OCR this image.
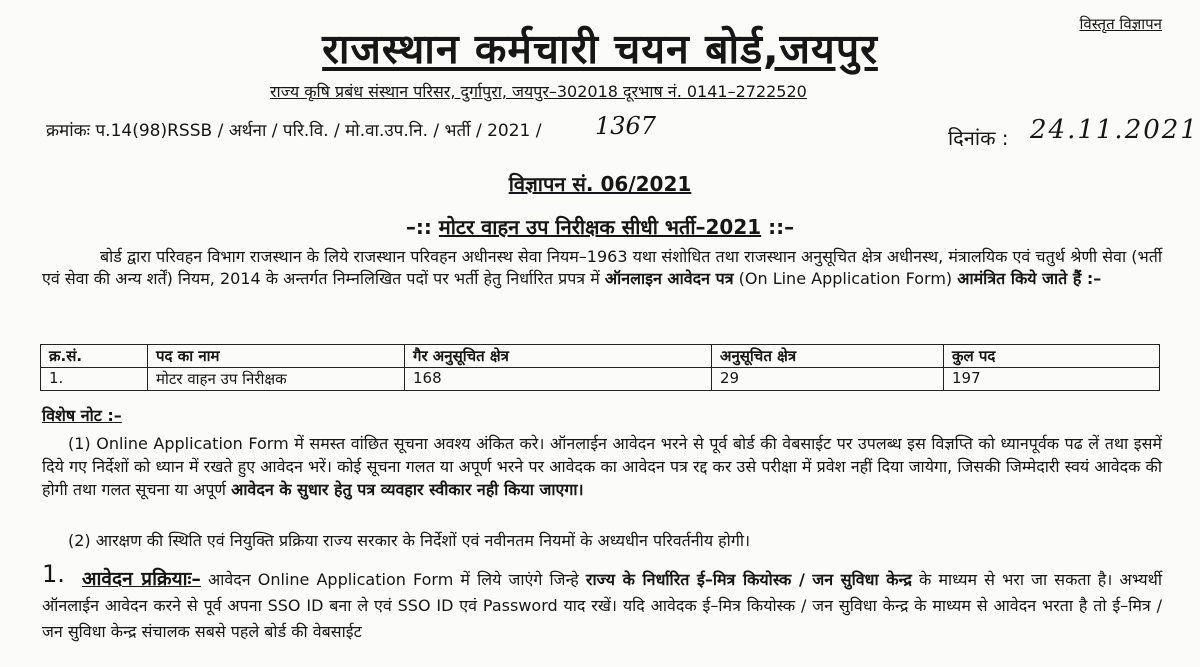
विस्तृत विज्ञापन
राजस्थान कर्मचारी चयन बोर्ड,जयपुर
राज्य कृषि प्रबंध संस्थान परिसर, दुर्गापुरा, जयपुर–302018 दूरभाष नं. 0141–2722520
क्रमांकः प.14(98)RSSB / अर्थना / परि.वि. / मो.वा.उप.नि. / भर्ती / 2021 / 1367	दिनांक : 24.11.2021
विज्ञापन सं. 06/2021
–:: मोटर वाहन उप निरीक्षक सीधी भर्ती–2021 ::–
बोर्ड द्वारा परिवहन विभाग राजस्थान के लिये राजस्थान परिवहन अधीनस्थ सेवा नियम–1963 यथा संशोधित तथा राजस्थान अनुसूचित क्षेत्र अधीनस्थ, मंत्रालयिक एवं चतुर्थ श्रेणी सेवा (भर्ती एवं सेवा की अन्य शर्तें) नियम, 2014 के अन्तर्गत निम्नलिखित पदों पर भर्ती हेतु निर्धारित प्रपत्र में ऑनलाइन आवेदन पत्र (On Line Application Form) आमंत्रित किये जाते हैं :–
क्र.सं.	पद का नाम	गैर अनुसूचित क्षेत्र	अनुसूचित क्षेत्र	कुल पद
1.	मोटर वाहन उप निरीक्षक	168	29	197
विशेष नोट :–
(1) Online Application Form में समस्त वांछित सूचना अवश्य अंकित करे। ऑनलाईन आवेदन भरने से पूर्व बोर्ड की वेबसाईट पर उपलब्ध इस विज्ञप्ति को ध्यानपूर्वक पढ लें तथा इसमें दिये गए निर्देशों को ध्यान में रखते हुए आवेदन भरें। कोई सूचना गलत या अपूर्ण भरने पर आवेदक का आवेदन पत्र रद्द कर उसे परीक्षा में प्रवेश नहीं दिया जायेगा, जिसकी जिम्मेदारी स्वयं आवेदक की होगी तथा गलत सूचना या अपूर्ण आवेदन के सुधार हेतु पत्र व्यवहार स्वीकार नही किया जाएगा।
(2) आरक्षण की स्थिति एवं नियुक्ति प्रक्रिया राज्य सरकार के निर्देशों एवं नवीनतम नियमों के अध्यधीन परिवर्तनीय होगी।
आवेदन प्रक्रियाः– आवेदन Online Application Form में लिये जाएंगे जिन्हे राज्य के निर्धारित ई–मित्र कियोस्क / जन सुविधा केन्द्र के माध्यम से भरा जा सकता है। अभ्यर्थी ऑनलाईन आवेदन करने से पूर्व अपना SSO ID बना ले एवं SSO ID एवं Password याद रखें। यदि आवेदक ई–मित्र कियोस्क / जन सुविधा केन्द्र के माध्यम से आवेदन भरता है तो ई–मित्र / जन सुविधा केन्द्र संचालक सबसे पहले बोर्ड की वेबसाईट
1.
